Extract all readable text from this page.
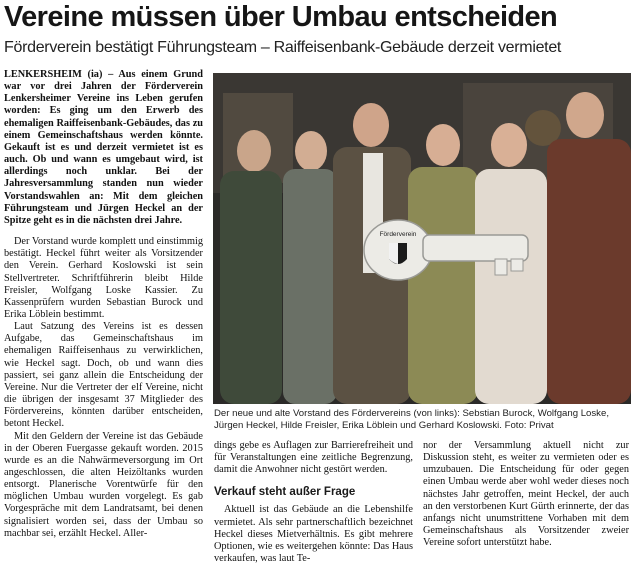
Vereine müssen über Umbau entscheiden
Förderverein bestätigt Führungsteam – Raiffeisenbank-Gebäude derzeit vermietet

LENKERSHEIM (ia) – Aus einem Grund war vor drei Jahren der Förderverein Lenkersheimer Vereine ins Leben gerufen worden: Es ging um den Erwerb des ehemaligen Raiffeisenbank-Gebäudes, das zu einem Gemeinschaftshaus werden könnte. Gekauft ist es und derzeit vermietet ist es auch. Ob und wann es umgebaut wird, ist allerdings noch unklar. Bei der Jahresversammlung standen nun wieder Vorstandswahlen an: Mit dem gleichen Führungsteam und Jürgen Heckel an der Spitze geht es in die nächsten drei Jahre.

Der Vorstand wurde komplett und einstimmig bestätigt. Heckel führt weiter als Vorsitzender den Verein. Gerhard Koslowski ist sein Stellvertreter. Schriftführerin bleibt Hilde Freisler, Wolfgang Loske Kassier. Zu Kassenprüfern wurden Sebastian Burock und Erika Löblein bestimmt.

Laut Satzung des Vereins ist es dessen Aufgabe, das Gemeinschaftshaus im ehemaligen Raiffeisenhaus zu verwirklichen, wie Heckel sagt. Doch, ob und wann dies passiert, sei ganz allein die Entscheidung der Vereine. Nur die Vertreter der elf Vereine, nicht die übrigen der insgesamt 37 Mitglieder des Fördervereins, könnten darüber entscheiden, betont Heckel.

Mit den Geldern der Vereine ist das Gebäude in der Oberen Fuergasse gekauft worden. 2015 wurde es an die Nahwärmeversorgung im Ort angeschlossen, die alten Heizöltanks wurden entsorgt. Planerische Vorentwürfe für den möglichen Umbau wurden vorgelegt. Es gab Vorgespräche mit dem Landratsamt, bei denen signalisiert worden sei, dass der Umbau so machbar sei, erzählt Heckel. Aller-

Förderverein
Der neue und alte Vorstand des Fördervereins (von links): Sebstian Burock, Wolfgang Loske, Jürgen Heckel, Hilde Freisler, Erika Löblein und Gerhard Koslowski. Foto: Privat

dings gebe es Auflagen zur Barrierefreiheit und für Veranstaltungen eine zeitliche Begrenzung, damit die Anwohner nicht gestört werden.

Verkauf steht außer Frage

Aktuell ist das Gebäude an die Lebenshilfe vermietet. Als sehr partnerschaftlich bezeichnet Heckel dieses Mietverhältnis. Es gibt mehrere Optionen, wie es weitergehen könnte: Das Haus verkaufen, was laut Te-

nor der Versammlung aktuell nicht zur Diskussion steht, es weiter zu vermieten oder es umzubauen. Die Entscheidung für oder gegen einen Umbau werde aber wohl weder dieses noch nächstes Jahr getroffen, meint Heckel, der auch an den verstorbenen Kurt Gürth erinnerte, der das anfangs nicht unumstrittene Vorhaben mit dem Gemeinschaftshaus als Vorsitzender zweier Vereine sofort unterstützt habe.
